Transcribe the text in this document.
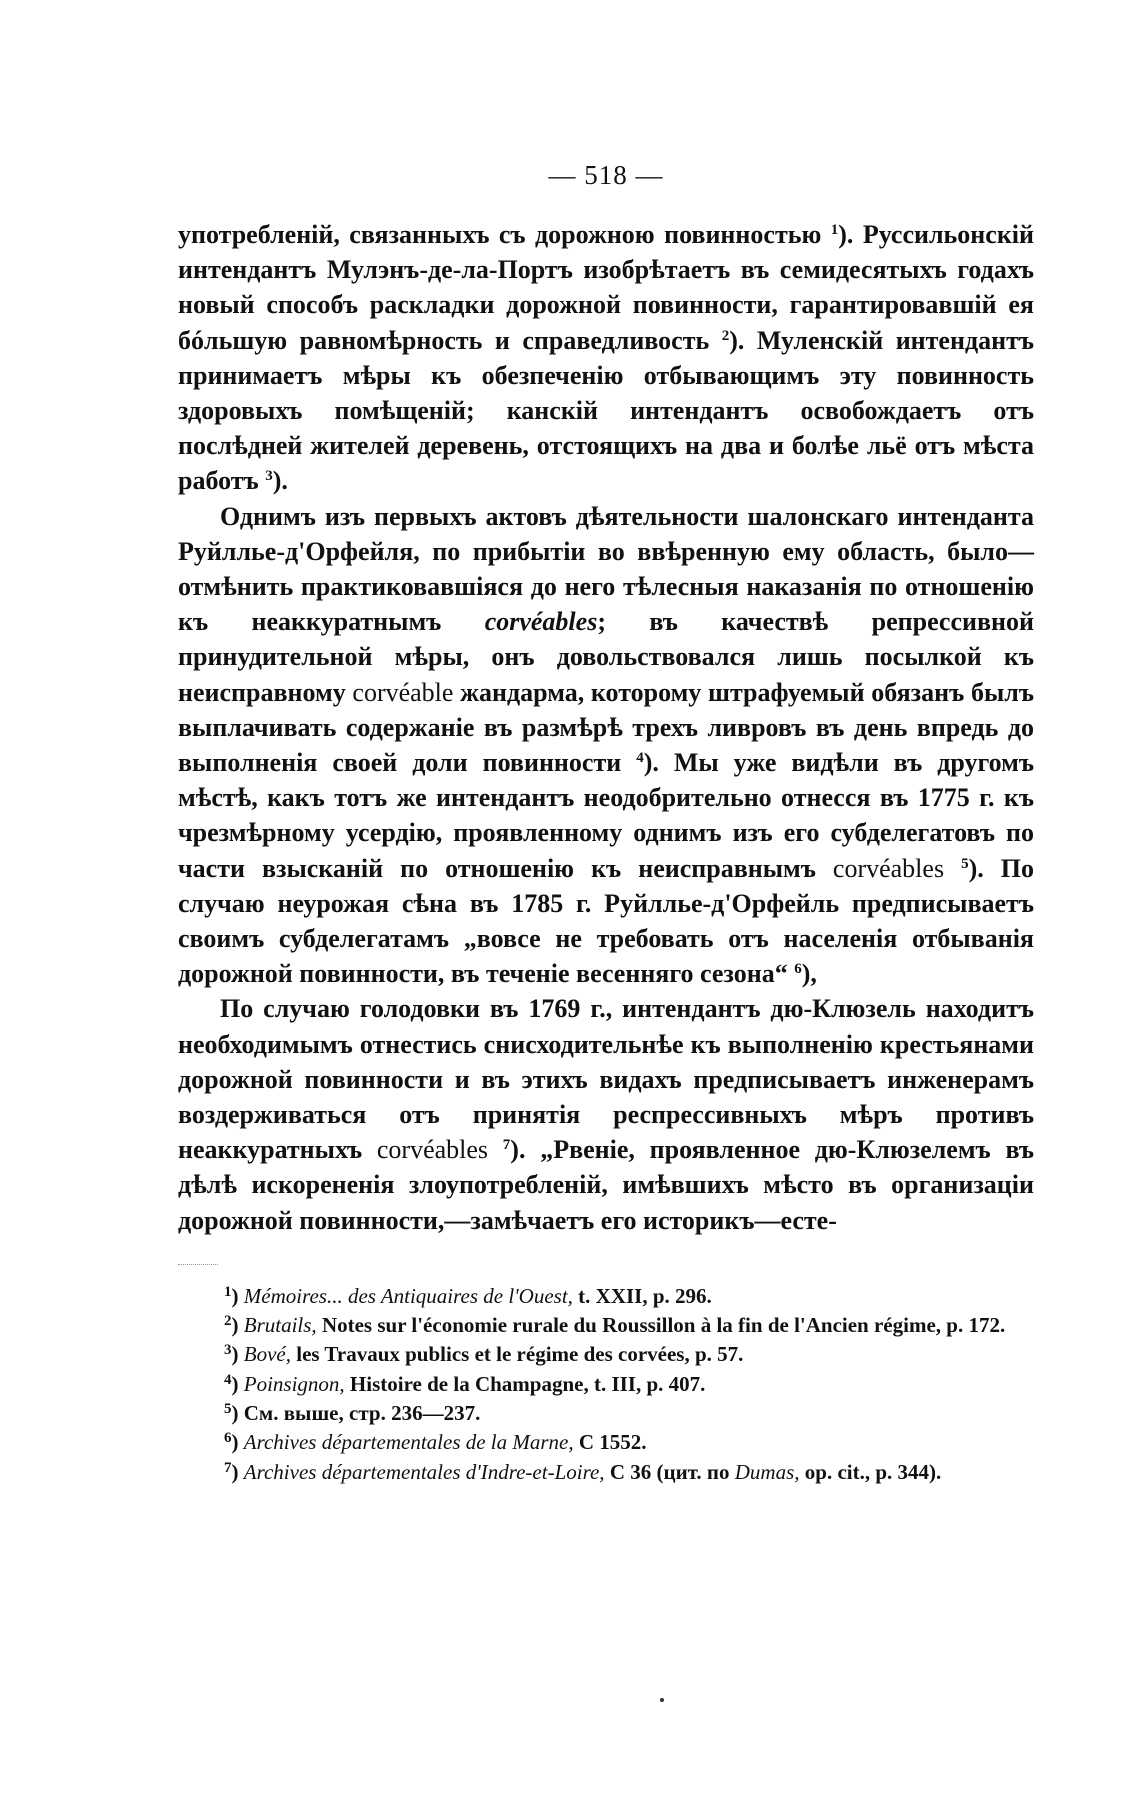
— 518 —

употребленій, связанныхъ съ дорожною повинностью $^1$). Руссильонскій интендантъ Мулэнъ-де-ла-Портъ изобрѣтаетъ въ семидесятыхъ годахъ новый способъ раскладки дорожной повинности, гарантировавшій ея бóльшую равномѣрность и справедливость $^2$). Муленскій интендантъ принимаетъ мѣры къ обезпеченію отбывающимъ эту повинность здоровыхъ помѣщеній; канскій интендантъ освобождаетъ отъ послѣдней жителей деревень, отстоящихъ на два и болѣе льё отъ мѣста работъ $^3$).

Однимъ изъ первыхъ актовъ дѣятельности шалонскаго интенданта Руйлльe-д'Орфейля, по прибытіи во ввѣренную ему область, было—отмѣнить практиковавшіяся до него тѣлесныя наказанія по отношенію къ неаккуратнымъ corvéables; въ качествѣ репрессивной принудительной мѣры, онъ довольствовался лишь посылкой къ неисправному corvéable жандарма, которому штрафуемый обязанъ былъ выплачивать содержаніе въ размѣрѣ трехъ ливровъ въ день впредь до выполненія своей доли повинности $^4$). Мы уже видѣли въ другомъ мѣстѣ, какъ тотъ же интендантъ неодобрительно отнесся въ 1775 г. къ чрезмѣрному усердію, проявленному однимъ изъ его субделегатовъ по части взысканій по отношенію къ неисправнымъ corvéables $^5$). По случаю неурожая сѣна въ 1785 г. Руйлльe-д'Орфейль предписываетъ своимъ субделегатамъ „вовсе не требовать отъ населенія отбыванія дорожной повинности, въ теченіе весенняго сезона“ $^6$),

По случаю голодовки въ 1769 г., интендантъ дю-Клюзель находитъ необходимымъ отнестись снисходительнѣе къ выполненію крестьянами дорожной повинности и въ этихъ видахъ предписываетъ инженерамъ воздерживаться отъ принятія респрессивныхъ мѣръ противъ неаккуратныхъ corvéables $^7$). „Рвеніе, проявленное дю-Клюзелемъ въ дѣлѣ искорененія злоупотребленій, имѣвшихъ мѣсто въ организаціи дорожной повинности,—замѣчаетъ его историкъ—есте-

$^1$) Mémoires... des Antiquaires de l'Ouest, t. XXII, p. 296.

$^2$) Brutails, Notes sur l'économie rurale du Roussillon à la fin de l'Ancien régime, p. 172.

$^3$) Bové, les Travaux publics et le régime des corvées, p. 57.

$^4$) Poinsignon, Histoire de la Champagne, t. III, p. 407.

$^5$) См. выше, стр. 236—237.

$^6$) Archives départementales de la Marne, C 1552.

$^7$) Archives départementales d'Indre-et-Loire, C 36 (цит. по Dumas, op. cit., p. 344).
